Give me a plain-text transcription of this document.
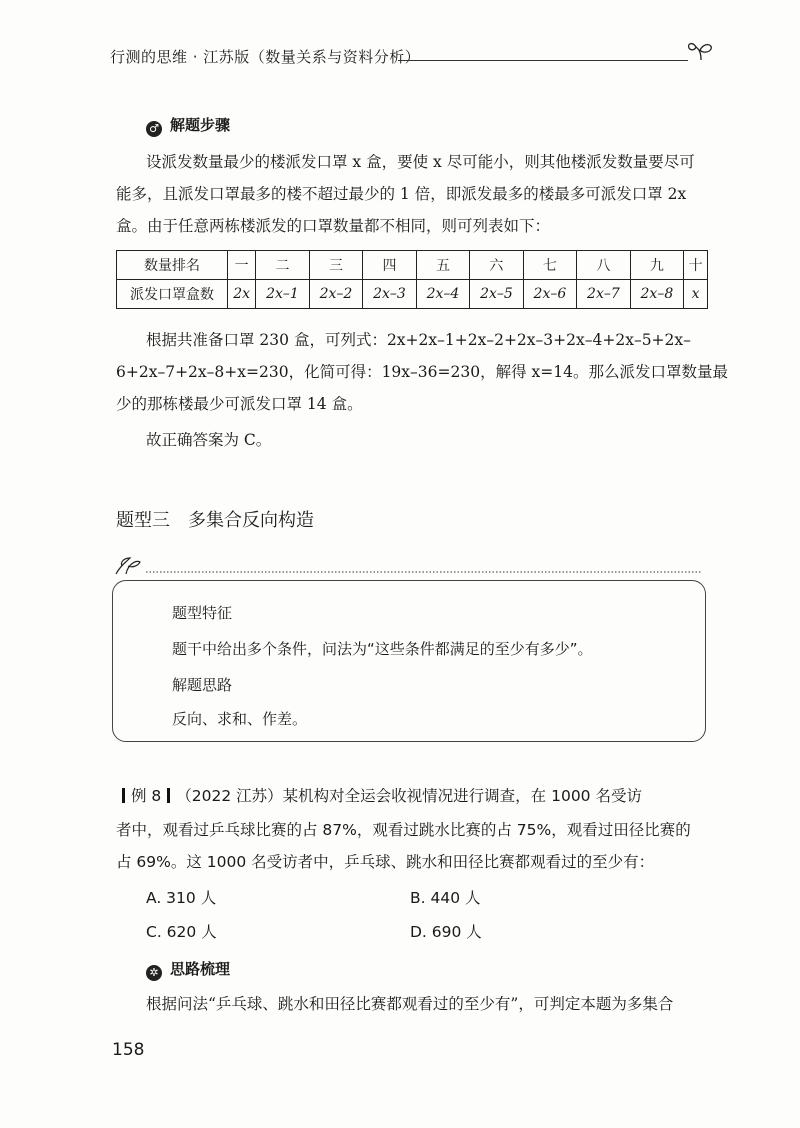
行测的思维 · 江苏版（数量关系与资料分析）
♂ 解题步骤
设派发数量最少的楼派发口罩 x 盒，要使 x 尽可能小，则其他楼派发数量要尽可
能多，且派发口罩最多的楼不超过最少的 1 倍，即派发最多的楼最多可派发口罩 2x
盒。由于任意两栋楼派发的口罩数量都不相同，则可列表如下：
数量排名	一	二	三	四	五	六	七	八	九	十
派发口罩盒数	2x	2x–1	2x–2	2x–3	2x–4	2x–5	2x–6	2x–7	2x–8	x
根据共准备口罩 230 盒，可列式：2x+2x–1+2x–2+2x–3+2x–4+2x–5+2x–
6+2x–7+2x–8+x=230，化简可得：19x–36=230，解得 x=14。那么派发口罩数量最
少的那栋楼最少可派发口罩 14 盒。
故正确答案为 C。
题型三　多集合反向构造
题型特征
题干中给出多个条件，问法为“这些条件都满足的至少有多少”。
解题思路
反向、求和、作差。
例 8 （2022 江苏）某机构对全运会收视情况进行调查，在 1000 名受访
者中，观看过乒乓球比赛的占 87%，观看过跳水比赛的占 75%，观看过田径比赛的
占 69%。这 1000 名受访者中，乒乓球、跳水和田径比赛都观看过的至少有：
A. 310 人	B. 440 人
C. 620 人	D. 690 人
✲ 思路梳理
根据问法“乒乓球、跳水和田径比赛都观看过的至少有”，可判定本题为多集合
158
